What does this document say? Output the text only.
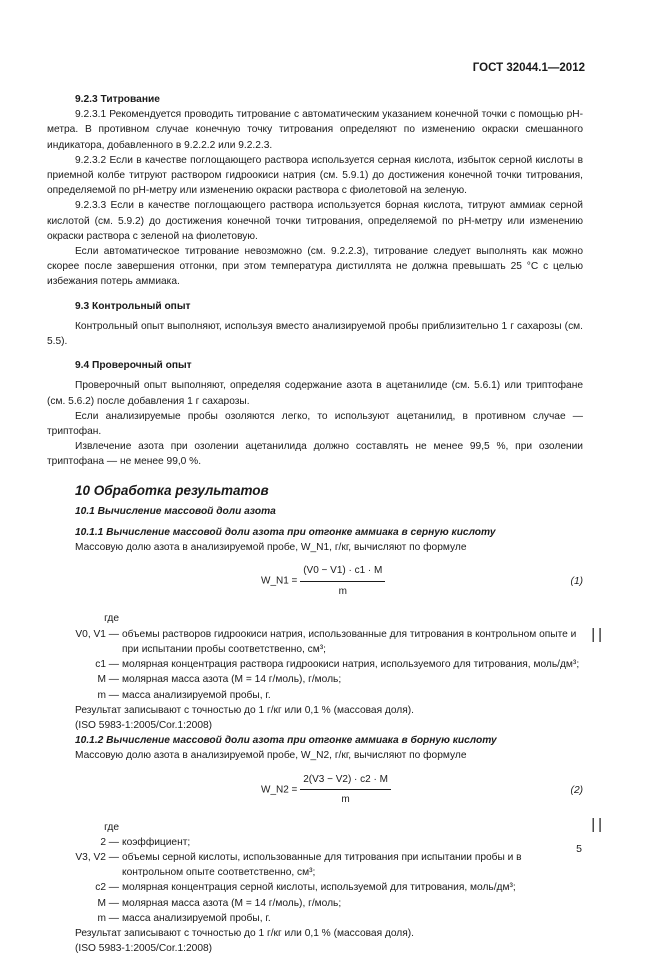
ГОСТ 32044.1—2012

9.2.3 Титрование

9.2.3.1 Рекомендуется проводить титрование с автоматическим указанием конечной точки с помощью рН-метра. В противном случае конечную точку титрования определяют по изменению окраски смешанного индикатора, добавленного в 9.2.2.2 или 9.2.2.3.

9.2.3.2 Если в качестве поглощающего раствора используется серная кислота, избыток серной кислоты в приемной колбе титруют раствором гидроокиси натрия (см. 5.9.1) до достижения конечной точки титрования, определяемой по рН-метру или изменению окраски раствора с фиолетовой на зеленую.

9.2.3.3 Если в качестве поглощающего раствора используется борная кислота, титруют аммиак серной кислотой (см. 5.9.2) до достижения конечной точки титрования, определяемой по рН-метру или изменению окраски раствора с зеленой на фиолетовую.

Если автоматическое титрование невозможно (см. 9.2.2.3), титрование следует выполнять как можно скорее после завершения отгонки, при этом температура дистиллята не должна превышать 25 °С с целью избежания потерь аммиака.

9.3 Контрольный опыт

Контрольный опыт выполняют, используя вместо анализируемой пробы приблизительно 1 г сахарозы (см. 5.5).

9.4 Проверочный опыт

Проверочный опыт выполняют, определяя содержание азота в ацетанилиде (см. 5.6.1) или триптофане (см. 5.6.2) после добавления 1 г сахарозы.

Если анализируемые пробы озоляются легко, то используют ацетанилид, в противном случае — триптофан.

Извлечение азота при озолении ацетанилида должно составлять не менее 99,5 %, при озолении триптофана — не менее 99,0 %.

10 Обработка результатов

10.1 Вычисление массовой доли азота

10.1.1 Вычисление массовой доли азота при отгонке аммиака в серную кислоту

Массовую долю азота в анализируемой пробе, W_N1, г/кг, вычисляют по формуле

W_N1 = $\frac{(V0 - V1) \cdot c1 \cdot M}{m}$	(1)
где
V0, V1 — объемы растворов гидроокиси натрия, использованные для титрования в контрольном опыте и при испытании пробы соответственно, см³;
c1 — молярная концентрация раствора гидроокиси натрия, используемого для титрования, моль/дм³;
M — молярная масса азота (M = 14 г/моль), г/моль;
m — масса анализируемой пробы, г.

Результат записывают с точностью до 1 г/кг или 0,1 % (массовая доля).

(ISO 5983-1:2005/Cor.1:2008)

10.1.2 Вычисление массовой доли азота при отгонке аммиака в борную кислоту

Массовую долю азота в анализируемой пробе, W_N2, г/кг, вычисляют по формуле

W_N2 = $\frac{2(V3 - V2) \cdot c2 \cdot M}{m}$	(2)
где
2 — коэффициент;
V3, V2 — объемы серной кислоты, использованные для титрования при испытании пробы и в контрольном опыте соответственно, см³;
c2 — молярная концентрация серной кислоты, используемой для титрования, моль/дм³;
M — молярная масса азота (M = 14 г/моль), г/моль;
m — масса анализируемой пробы, г.

Результат записывают с точностью до 1 г/кг или 0,1 % (массовая доля).

(ISO 5983-1:2005/Cor.1:2008)

||
||
5
